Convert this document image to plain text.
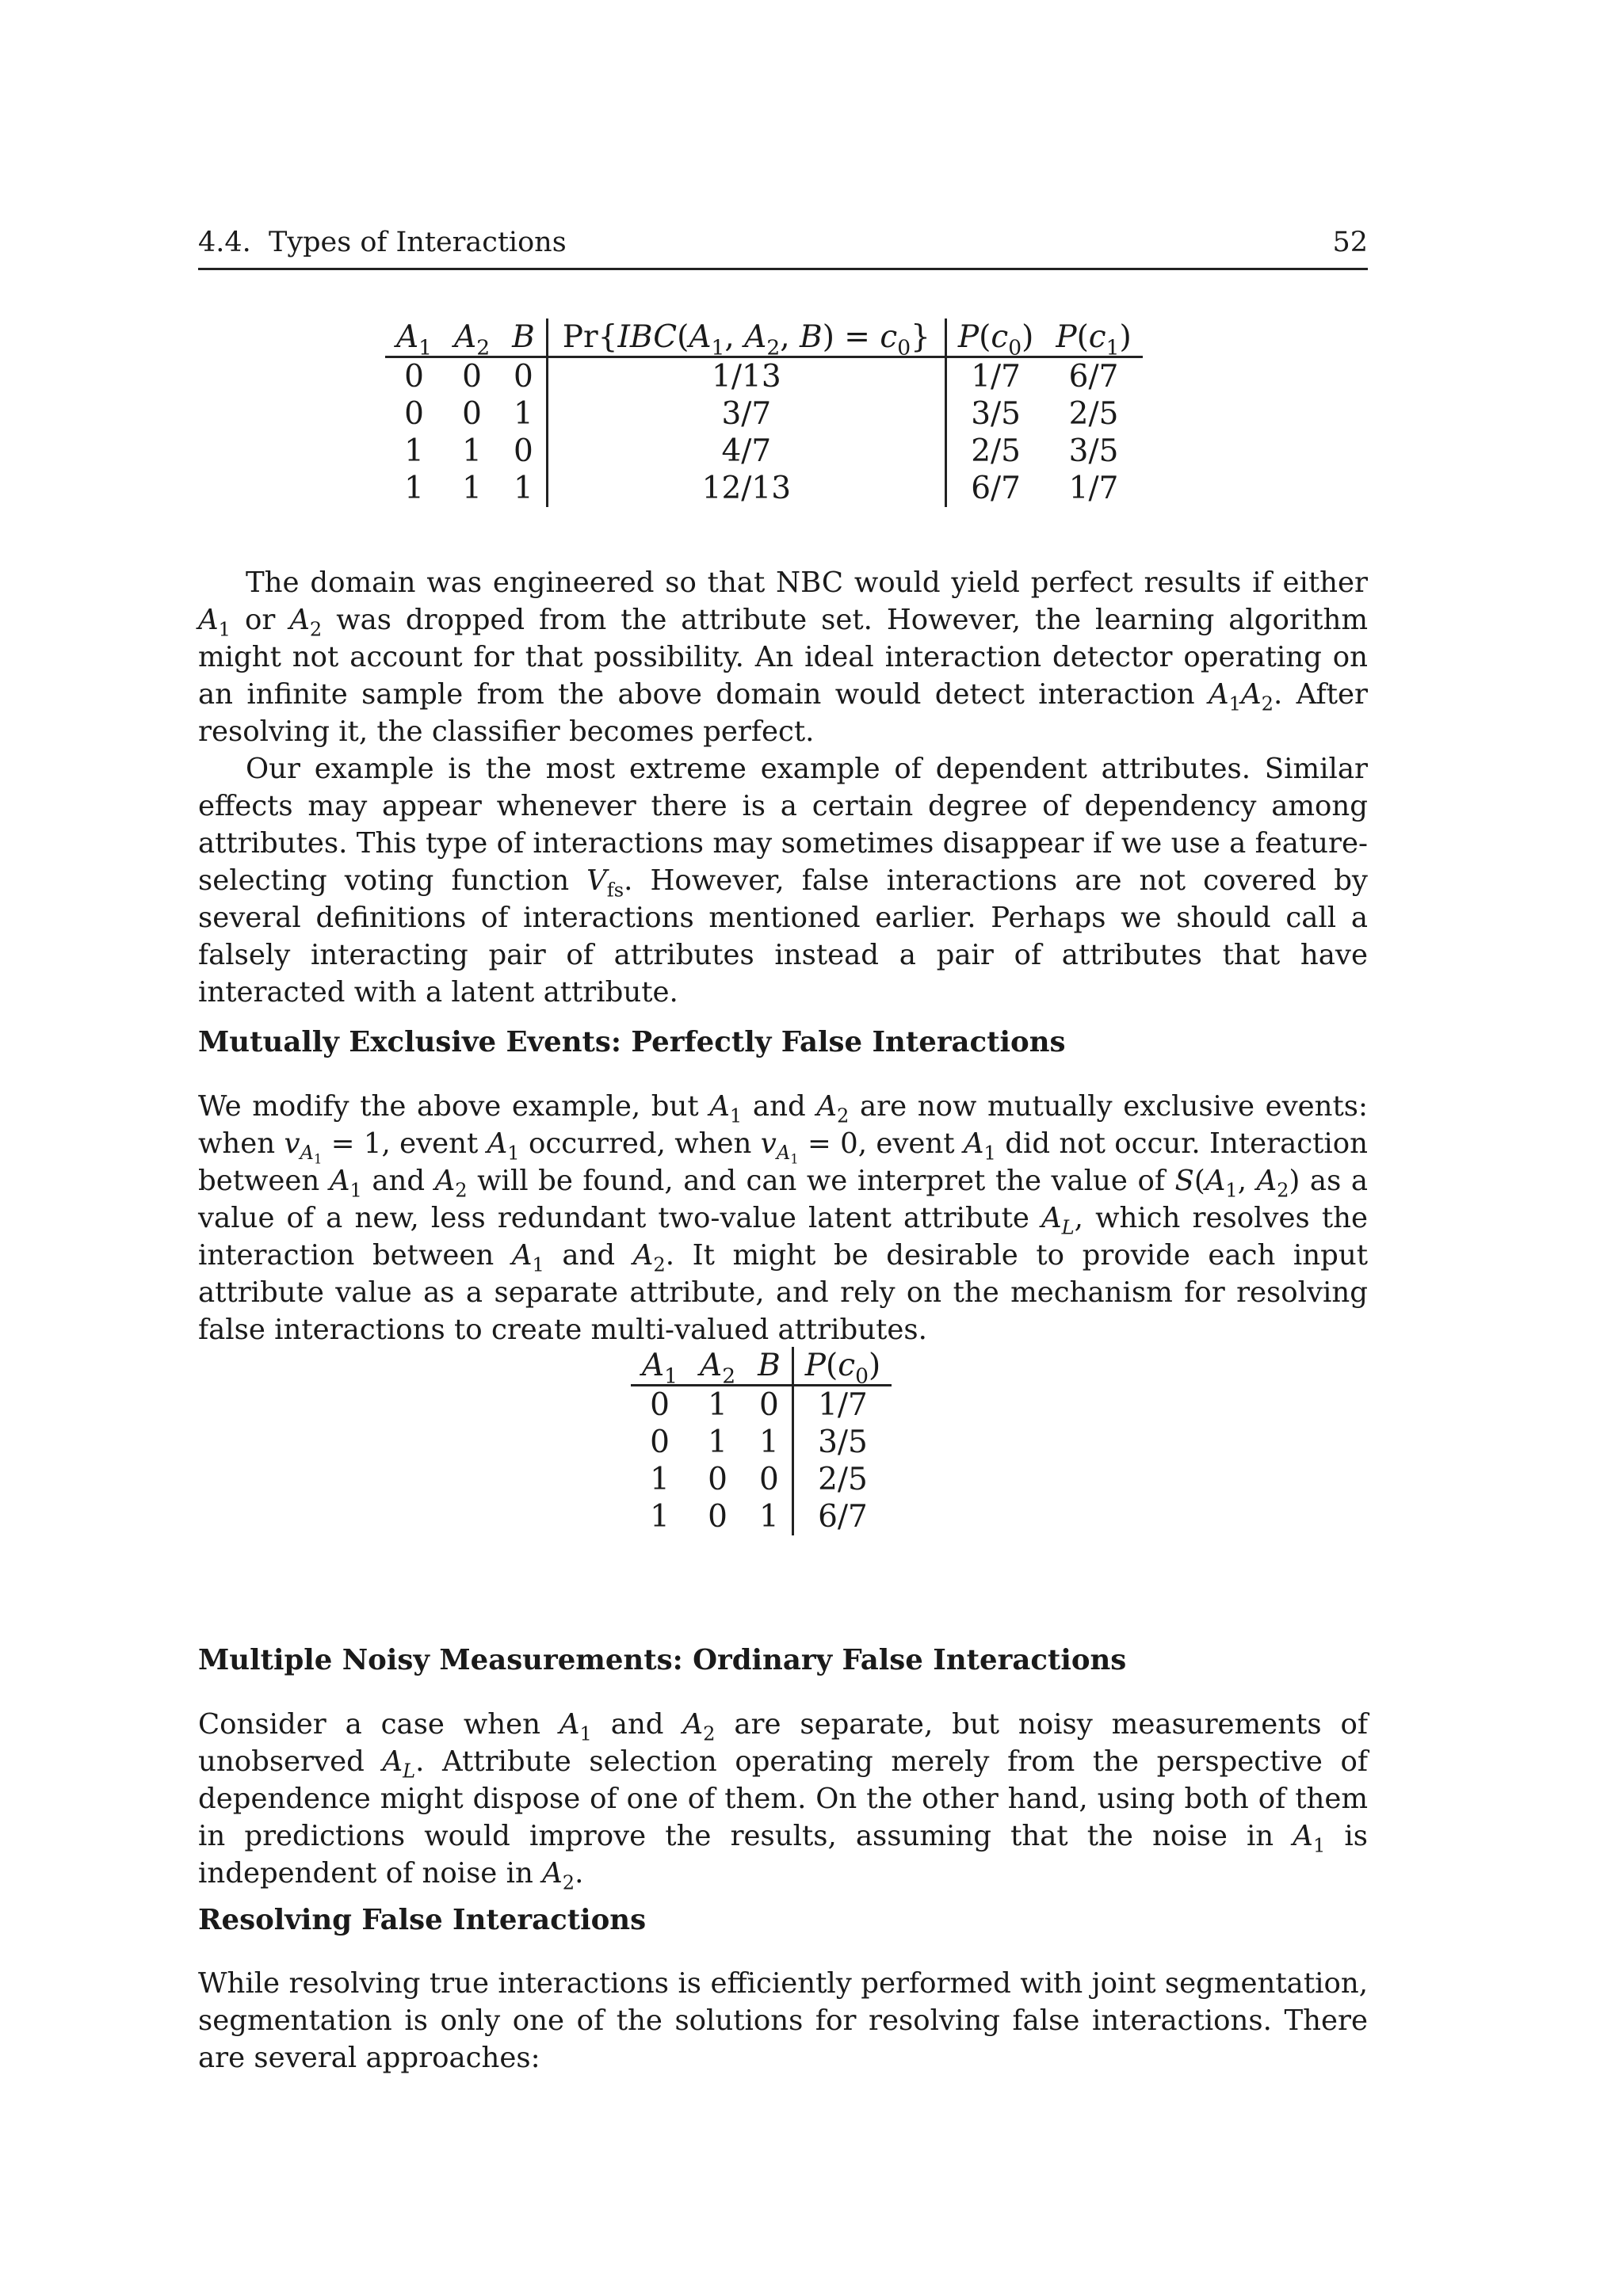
4.4.  Types of Interactions	52
$A_1$	$A_2$	B	$Pr\{IBC(A_1$, $A_2$, $B) = c_0$}	$P(c_0)$	$P(c_1)$
0	0	0	1/13	1/7	6/7
0	0	1	3/7	3/5	2/5
1	1	0	4/7	2/5	3/5
1	1	1	12/13	6/7	1/7

The domain was engineered so that NBC would yield perfect results if either $A_1$ or $A_2$ was dropped from the attribute set. However, the learning algorithm might not account for that possibility. An ideal interaction detector operating on an infinite sample from the above domain would detect interaction $A_1A_2$. After resolving it, the classifier becomes perfect.

Our example is the most extreme example of dependent attributes. Similar effects may appear whenever there is a certain degree of dependency among attributes. This type of interactions may sometimes disappear if we use a feature-selecting voting function $V_{fs}$. However, false interactions are not covered by several definitions of interactions mentioned earlier. Perhaps we should call a falsely interacting pair of attributes instead a pair of attributes that have interacted with a latent attribute.

Mutually Exclusive Events: Perfectly False Interactions

We modify the above example, but $A_1$ and $A_2$ are now mutually exclusive events: when $v_{A_1} = 1$, event $A_1$ occurred, when $v_{A_1} = 0$, event $A_1$ did not occur. Interaction between $A_1$ and $A_2$ will be found, and can we interpret the value of $S(A_1$, $A_2$) as a value of a new, less redundant two-value latent attribute $A_L$, which resolves the interaction between $A_1$ and $A_2$. It might be desirable to provide each input attribute value as a separate attribute, and rely on the mechanism for resolving false interactions to create multi-valued attributes.

$A_1$	$A_2$	B	$P(c_0)$
0	1	0	1/7
0	1	1	3/5
1	0	0	2/5
1	0	1	6/7
Multiple Noisy Measurements: Ordinary False Interactions

Consider a case when $A_1$ and $A_2$ are separate, but noisy measurements of unobserved $A_L$. Attribute selection operating merely from the perspective of dependence might dispose of one of them. On the other hand, using both of them in predictions would improve the results, assuming that the noise in $A_1$ is independent of noise in $A_2$.

Resolving False Interactions

While resolving true interactions is efficiently performed with joint segmentation, segmentation is only one of the solutions for resolving false interactions. There are several approaches:
